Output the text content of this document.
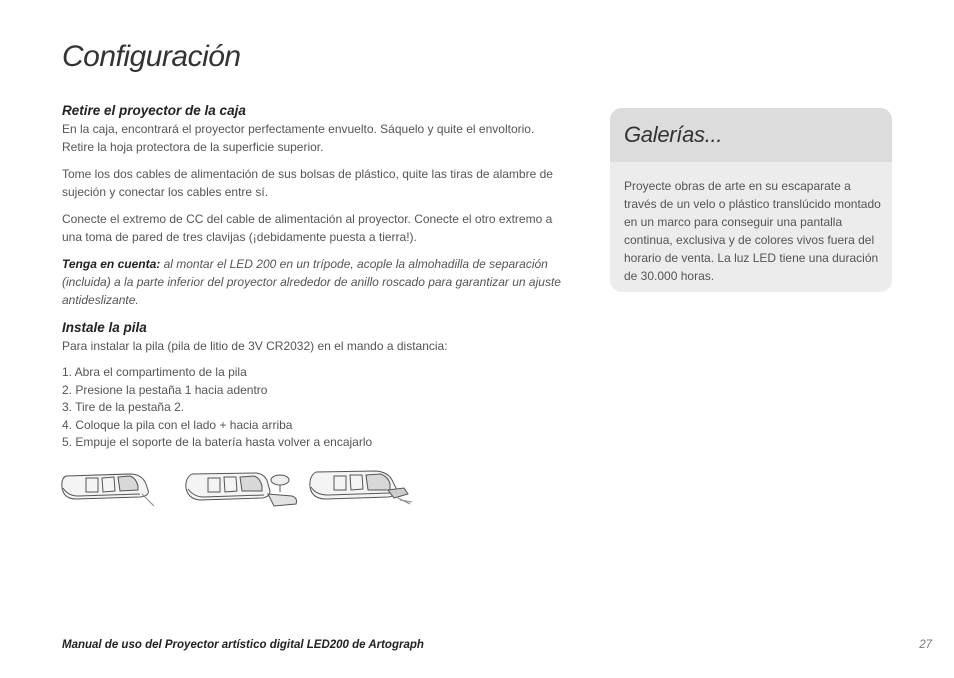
Configuración
Retire el proyector de la caja

En la caja, encontrará el proyector perfectamente envuelto. Sáquelo y quite el envoltorio. Retire la hoja protectora de la superficie superior.

Tome los dos cables de alimentación de sus bolsas de plástico, quite las tiras de alambre de sujeción y conectar los cables entre sí.

Conecte el extremo de CC del cable de alimentación al proyector. Conecte el otro extremo a una toma de pared de tres clavijas (¡debidamente puesta a tierra!).

Tenga en cuenta: al montar el LED 200 en un trípode, acople la almohadilla de separación (incluida) a la parte inferior del proyector alrededor de anillo roscado para garantizar un ajuste antideslizante.

Instale la pila

Para instalar la pila (pila de litio de 3V CR2032) en el mando a distancia:

1. Abra el compartimento de la pila
2. Presione la pestaña 1 hacia adentro
3. Tire de la pestaña 2.
4. Coloque la pila con el lado + hacia arriba
5. Empuje el soporte de la batería hasta volver a encajarlo
Galerías...

Proyecte obras de arte en su escaparate a través de un velo o plástico translúcido montado en un marco para conseguir una pantalla continua, exclusiva y de colores vivos fuera del horario de venta. La luz LED tiene una duración de 30.000 horas.

Manual de uso del Proyector artístico digital LED200 de Artograph	27
